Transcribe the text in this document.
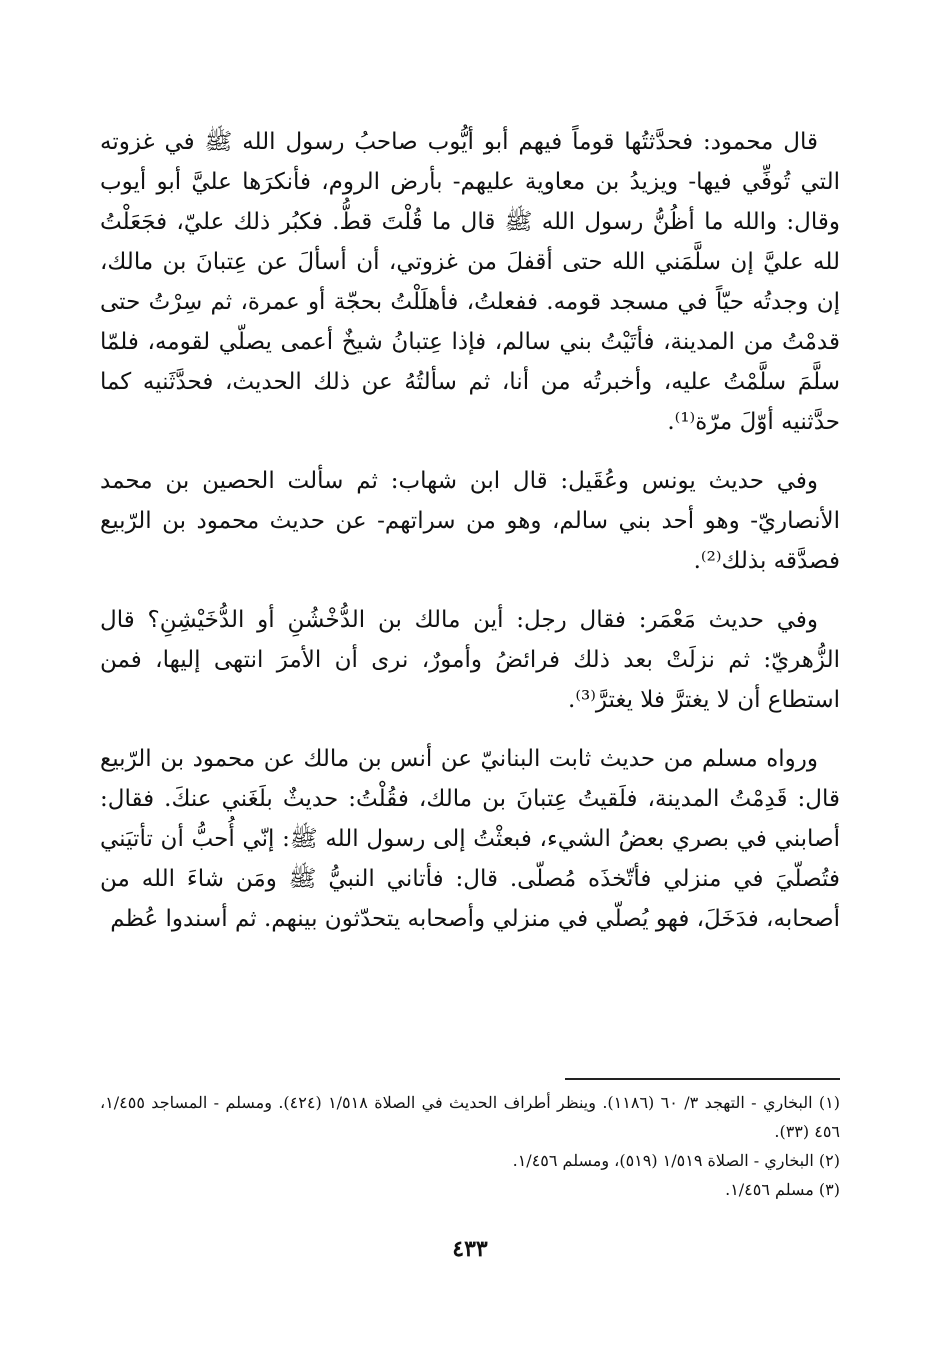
قال محمود: فحدَّثتُها قوماً فيهم أبو أيُّوب صاحبُ رسول الله ﷺ في غزوته التي تُوفِّي فيها- ويزيدُ بن معاوية عليهم- بأرض الروم، فأنكرَها عليَّ أبو أيوب وقال: والله ما أظُنُّ رسول الله ﷺ قال ما قُلْتَ قطُّ. فكبُر ذلك عليّ، فجَعَلْتُ لله عليَّ إن سلَّمَني الله حتى أقفلَ من غزوتي، أن أسألَ عن عِتبانَ بن مالك، إن وجدتُه حيّاً في مسجد قومه. ففعلتُ، فأهلَلْتُ بحجّة أو عمرة، ثم سِرْتُ حتى قدمْتُ من المدينة، فأتَيْتُ بني سالم، فإذا عِتبانُ شيخٌ أعمى يصلّي لقومه، فلمّا سلَّمَ سلَّمْتُ عليه، وأخبرتُه من أنا، ثم سألتُهُ عن ذلك الحديث، فحدَّثَنيه كما حدَّثنيه أوّلَ مرّة⁽¹⁾.

وفي حديث يونس وعُقَيل: قال ابن شهاب: ثم سألت الحصين بن محمد الأنصاريّ- وهو أحد بني سالم، وهو من سراتهم- عن حديث محمود بن الرّبيع فصدَّقه بذلك⁽²⁾.

وفي حديث مَعْمَر: فقال رجل: أين مالك بن الدُّخْشُنِ أو الدُّخَيْشِنِ؟ قال الزُّهريّ: ثم نزلَتْ بعد ذلك فرائضُ وأمورٌ، نرى أن الأمرَ انتهى إليها، فمن استطاع أن لا يغترَّ فلا يغترَّ⁽³⁾.

ورواه مسلم من حديث ثابت البنانيّ عن أنس بن مالك عن محمود بن الرّبيع قال: قَدِمْتُ المدينة، فلَقيتُ عِتبانَ بن مالك، فقُلْتُ: حديثٌ بلَغَني عنكَ. فقال: أصابني في بصري بعضُ الشيء، فبعثْتُ إلى رسول الله ﷺ: إنّي أُحبُّ أن تأتيَني فتُصلّيَ في منزلي فأتّخذَه مُصلّى. قال: فأتاني النبيُّ ﷺ ومَن شاءَ الله من أصحابه، فدَخَلَ، فهو يُصلّي في منزلي وأصحابه يتحدّثون بينهم. ثم أسندوا عُظم

(١) البخاري - التهجد ٣/ ٦٠ (١١٨٦). وينظر أطراف الحديث في الصلاة ١/٥١٨ (٤٢٤). ومسلم - المساجد ١/٤٥٥، ٤٥٦ (٣٣).

(٢) البخاري - الصلاة ١/٥١٩ (٥١٩)، ومسلم ١/٤٥٦.

(٣) مسلم ١/٤٥٦.

٤٣٣
